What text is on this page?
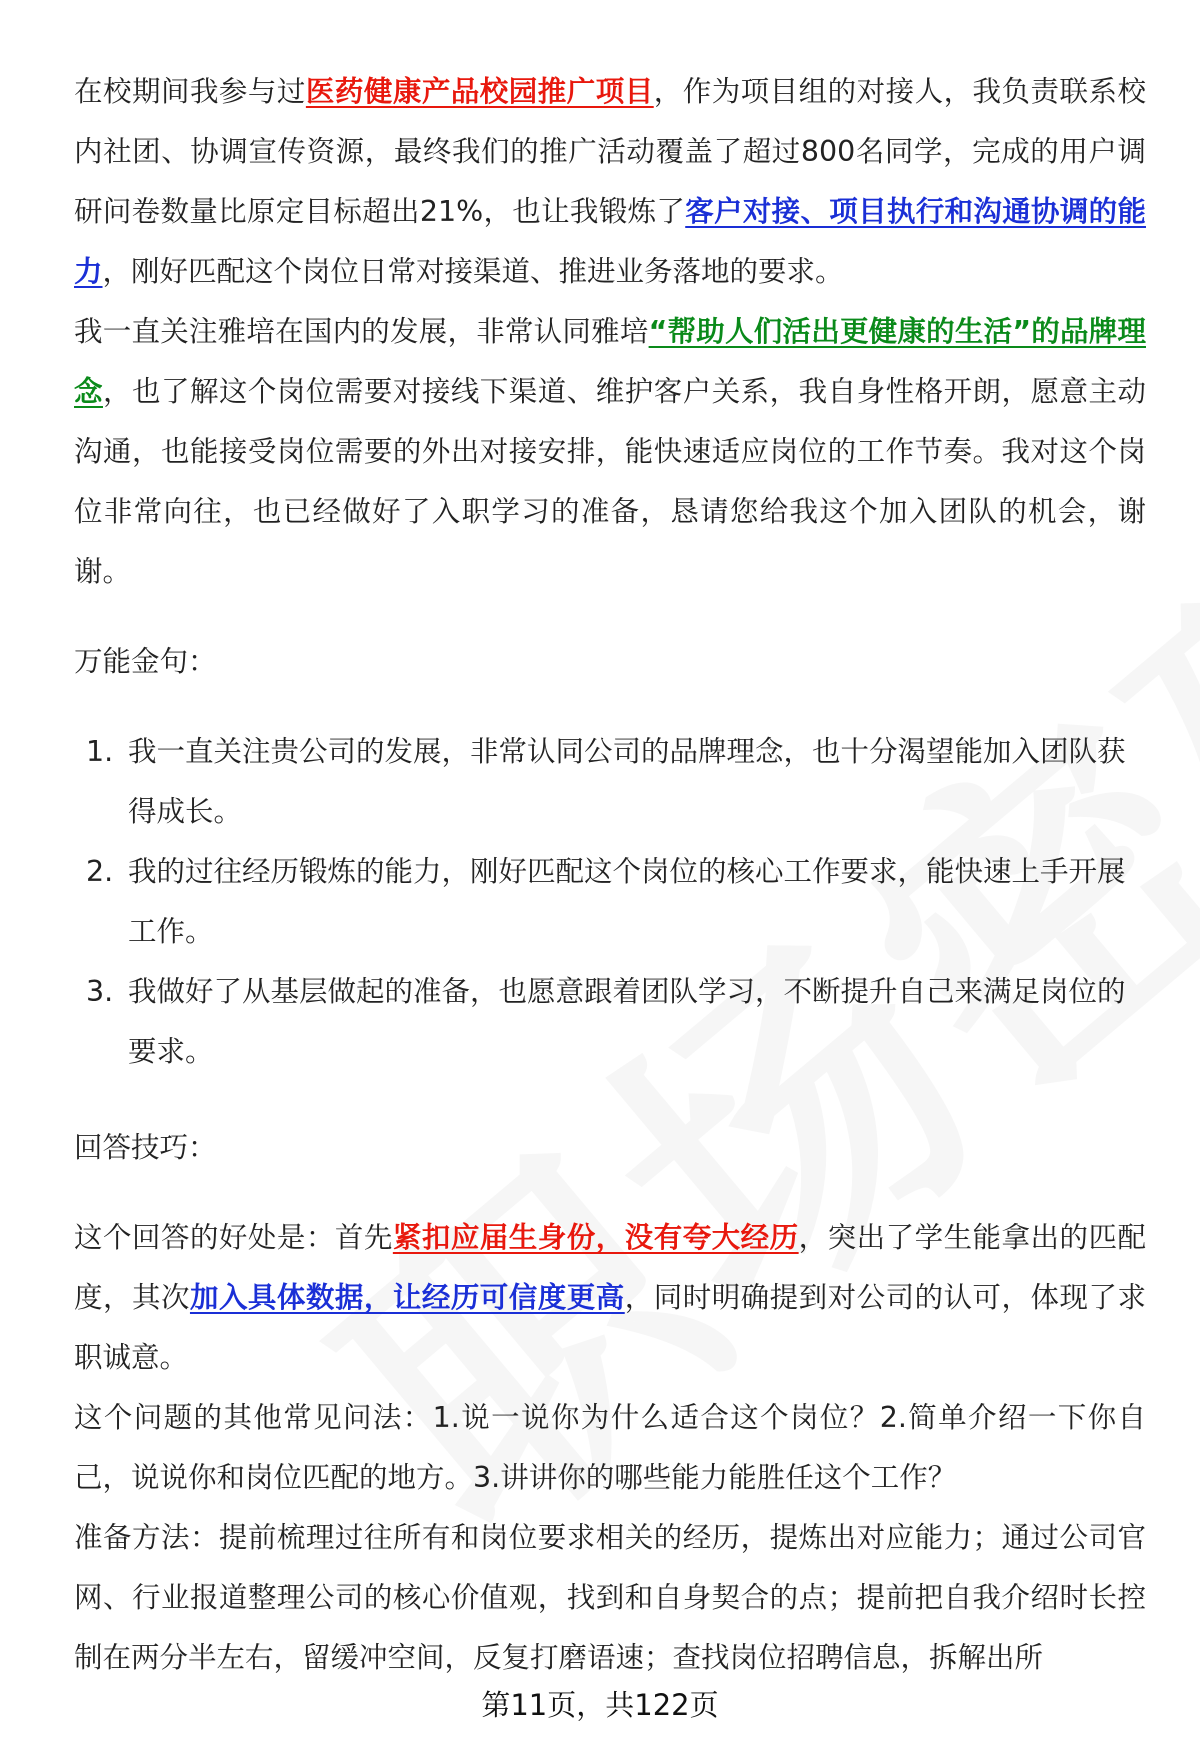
在校期间我参与过医药健康产品校园推广项目，作为项目组的对接人，我负责联系校内社团、协调宣传资源，最终我们的推广活动覆盖了超过800名同学，完成的用户调研问卷数量比原定目标超出21%，也让我锻炼了客户对接、项目执行和沟通协调的能力，刚好匹配这个岗位日常对接渠道、推进业务落地的要求。

我一直关注雅培在国内的发展，非常认同雅培“帮助人们活出更健康的生活”的品牌理念，也了解这个岗位需要对接线下渠道、维护客户关系，我自身性格开朗，愿意主动沟通，也能接受岗位需要的外出对接安排，能快速适应岗位的工作节奏。我对这个岗位非常向往，也已经做好了入职学习的准备，恳请您给我这个加入团队的机会，谢谢。

万能金句：

1. 我一直关注贵公司的发展，非常认同公司的品牌理念，也十分渴望能加入团队获得成长。
2. 我的过往经历锻炼的能力，刚好匹配这个岗位的核心工作要求，能快速上手开展工作。
3. 我做好了从基层做起的准备，也愿意跟着团队学习，不断提升自己来满足岗位的要求。

回答技巧：

这个回答的好处是：首先紧扣应届生身份，没有夸大经历，突出了学生能拿出的匹配度，其次加入具体数据，让经历可信度更高，同时明确提到对公司的认可，体现了求职诚意。

这个问题的其他常见问法：1.说一说你为什么适合这个岗位？2.简单介绍一下你自己，说说你和岗位匹配的地方。3.讲讲你的哪些能力能胜任这个工作？

准备方法：提前梳理过往所有和岗位要求相关的经历，提炼出对应能力；通过公司官网、行业报道整理公司的核心价值观，找到和自身契合的点；提前把自我介绍时长控制在两分半左右，留缓冲空间，反复打磨语速；查找岗位招聘信息，拆解出所

第11页，共122页
